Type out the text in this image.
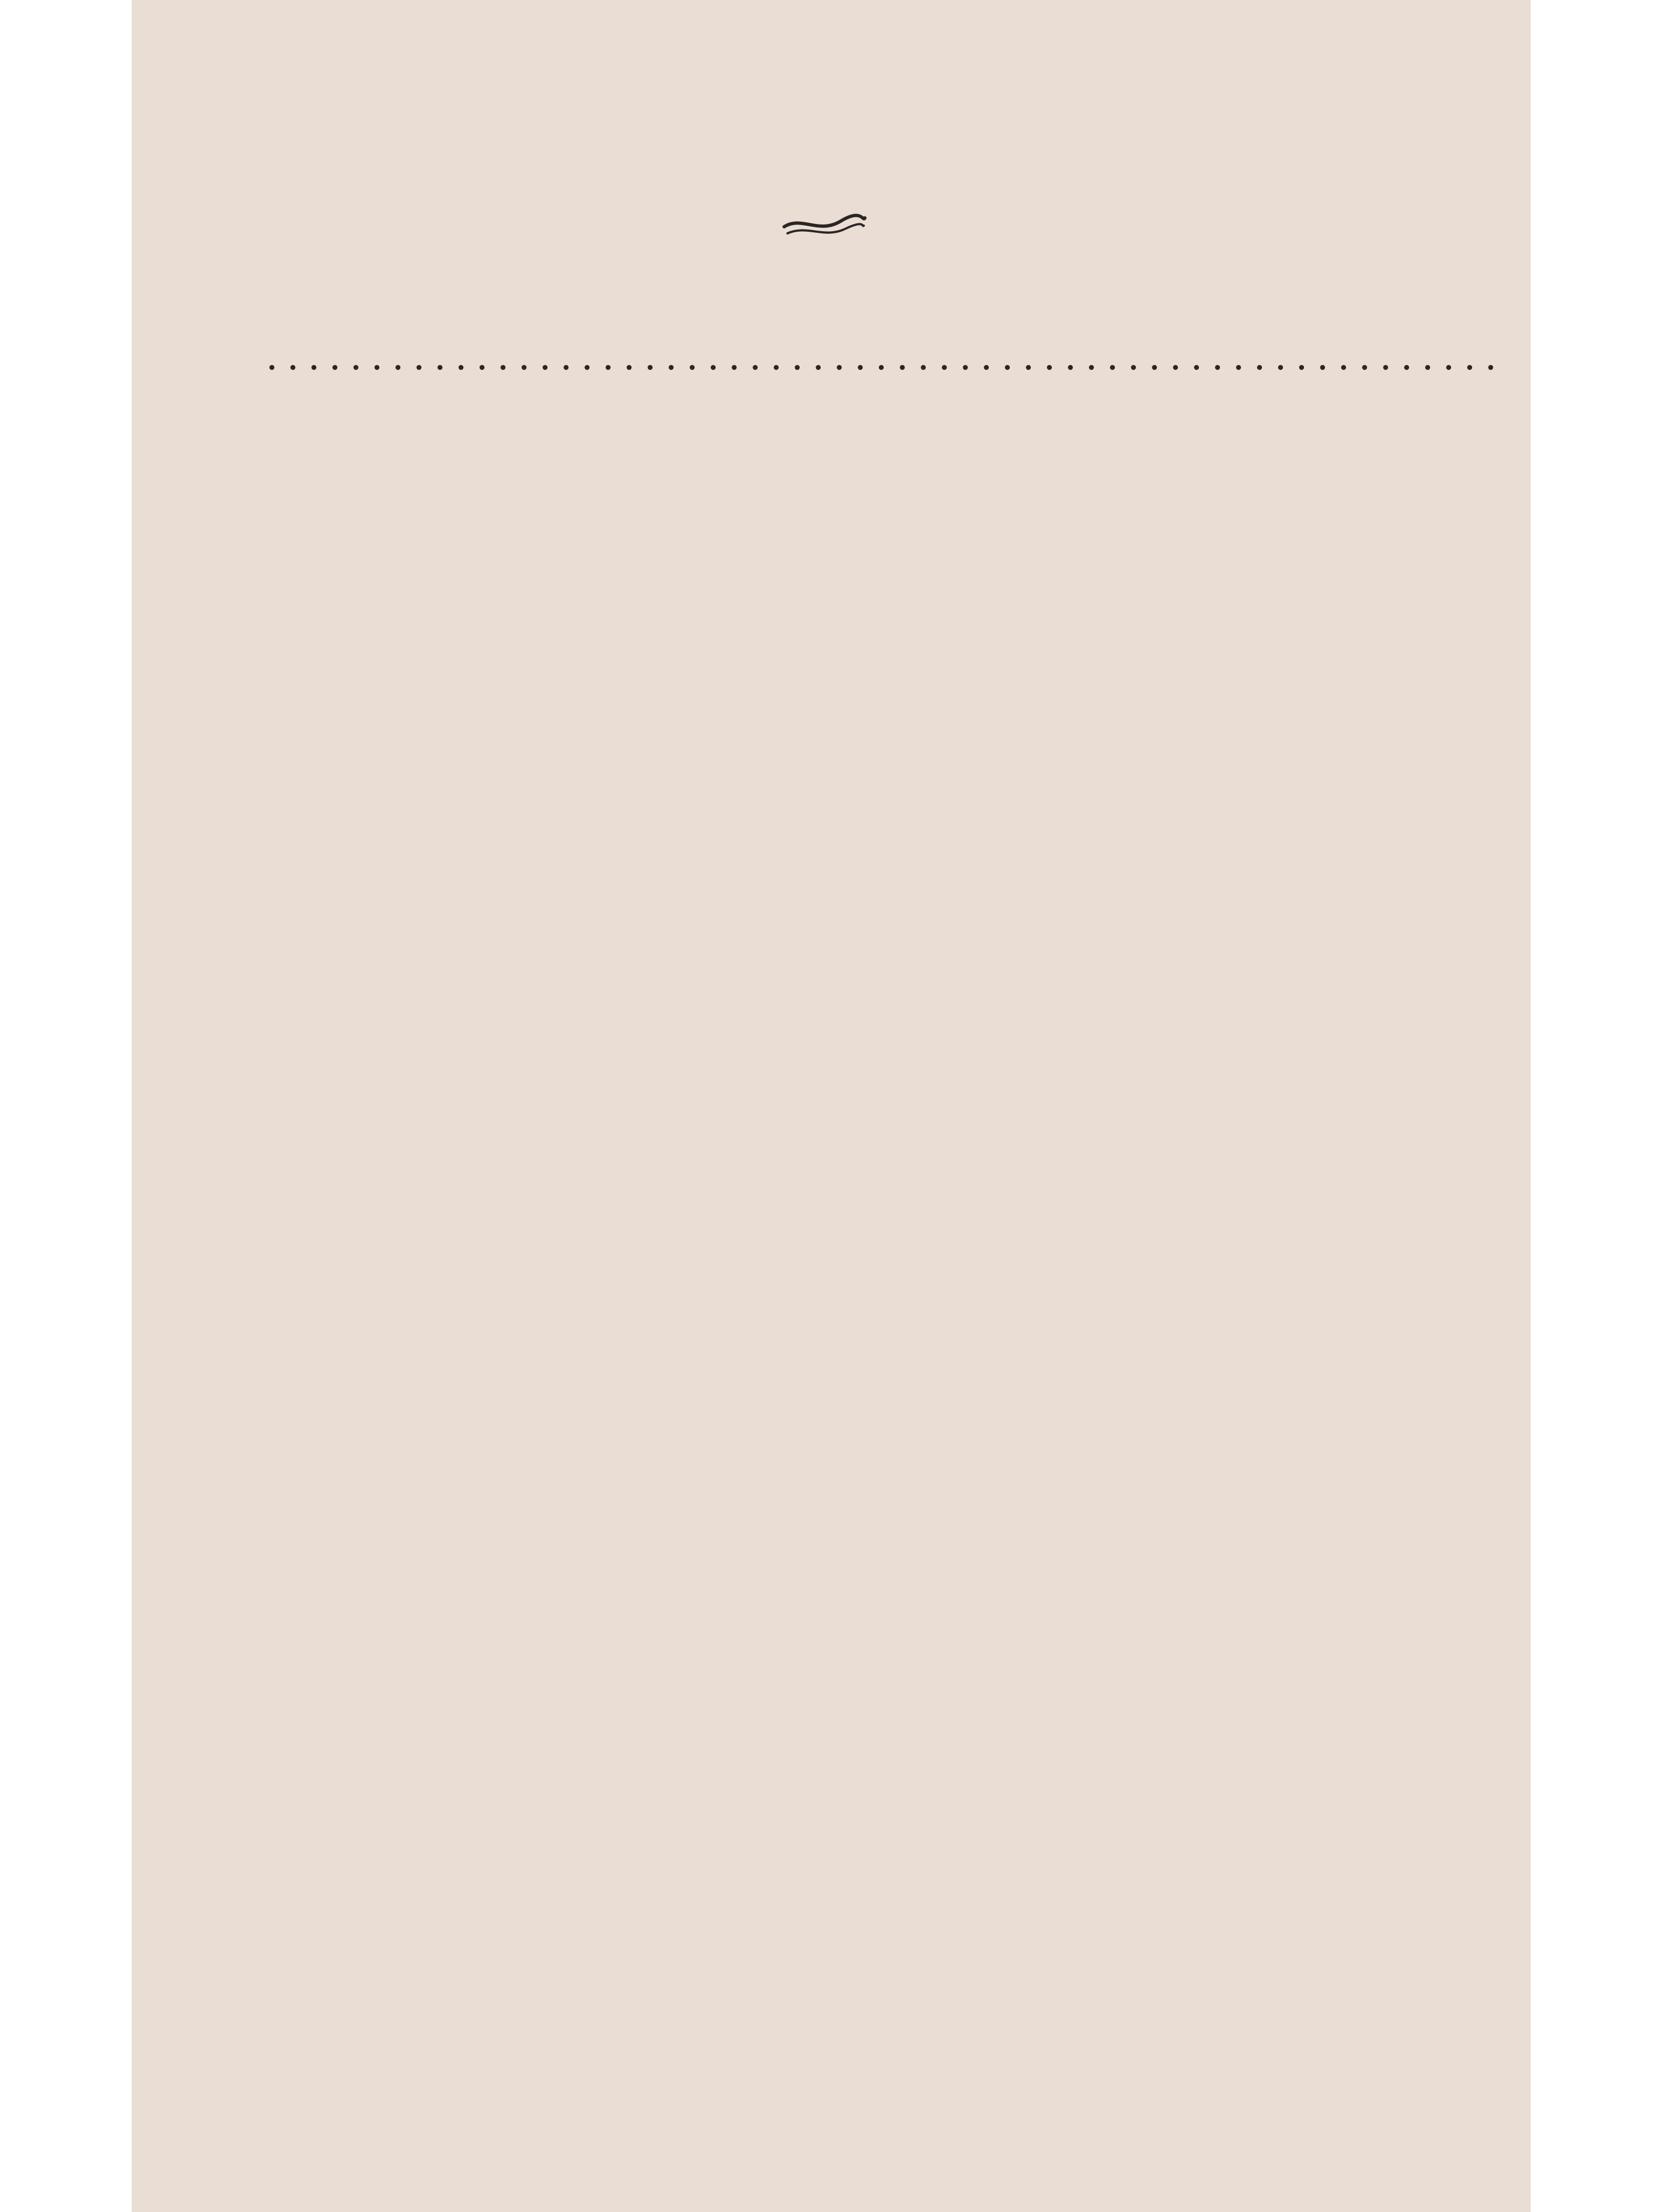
. . .
